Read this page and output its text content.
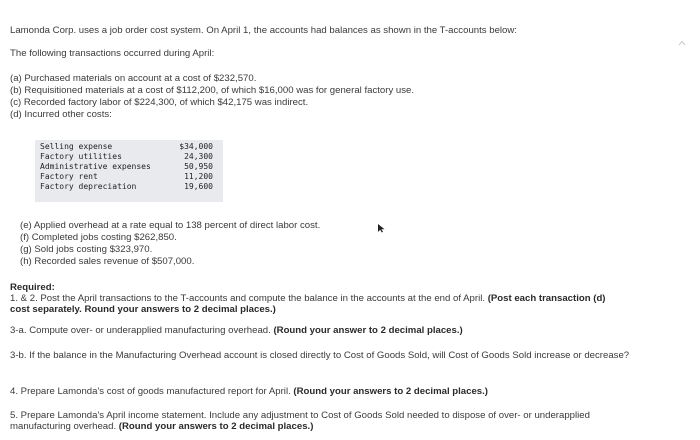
Lamonda Corp. uses a job order cost system. On April 1, the accounts had balances as shown in the T-accounts below:
The following transactions occurred during April:
(a) Purchased materials on account at a cost of $232,570.
(b) Requisitioned materials at a cost of $112,200, of which $16,000 was for general factory use.
(c) Recorded factory labor of $224,300, of which $42,175 was indirect.
(d) Incurred other costs:
Selling expense	$34,000
Factory utilities	24,300
Administrative expenses	50,950
Factory rent	11,200
Factory depreciation	19,600
(e) Applied overhead at a rate equal to 138 percent of direct labor cost.
(f) Completed jobs costing $262,850.
(g) Sold jobs costing $323,970.
(h) Recorded sales revenue of $507,000.
Required:
1. & 2. Post the April transactions to the T-accounts and compute the balance in the accounts at the end of April. (Post each transaction (d) cost separately. Round your answers to 2 decimal places.)
3-a. Compute over- or underapplied manufacturing overhead. (Round your answer to 2 decimal places.)
3-b. If the balance in the Manufacturing Overhead account is closed directly to Cost of Goods Sold, will Cost of Goods Sold increase or decrease?
4. Prepare Lamonda's cost of goods manufactured report for April. (Round your answers to 2 decimal places.)
5. Prepare Lamonda's April income statement. Include any adjustment to Cost of Goods Sold needed to dispose of over- or underapplied manufacturing overhead. (Round your answers to 2 decimal places.)
